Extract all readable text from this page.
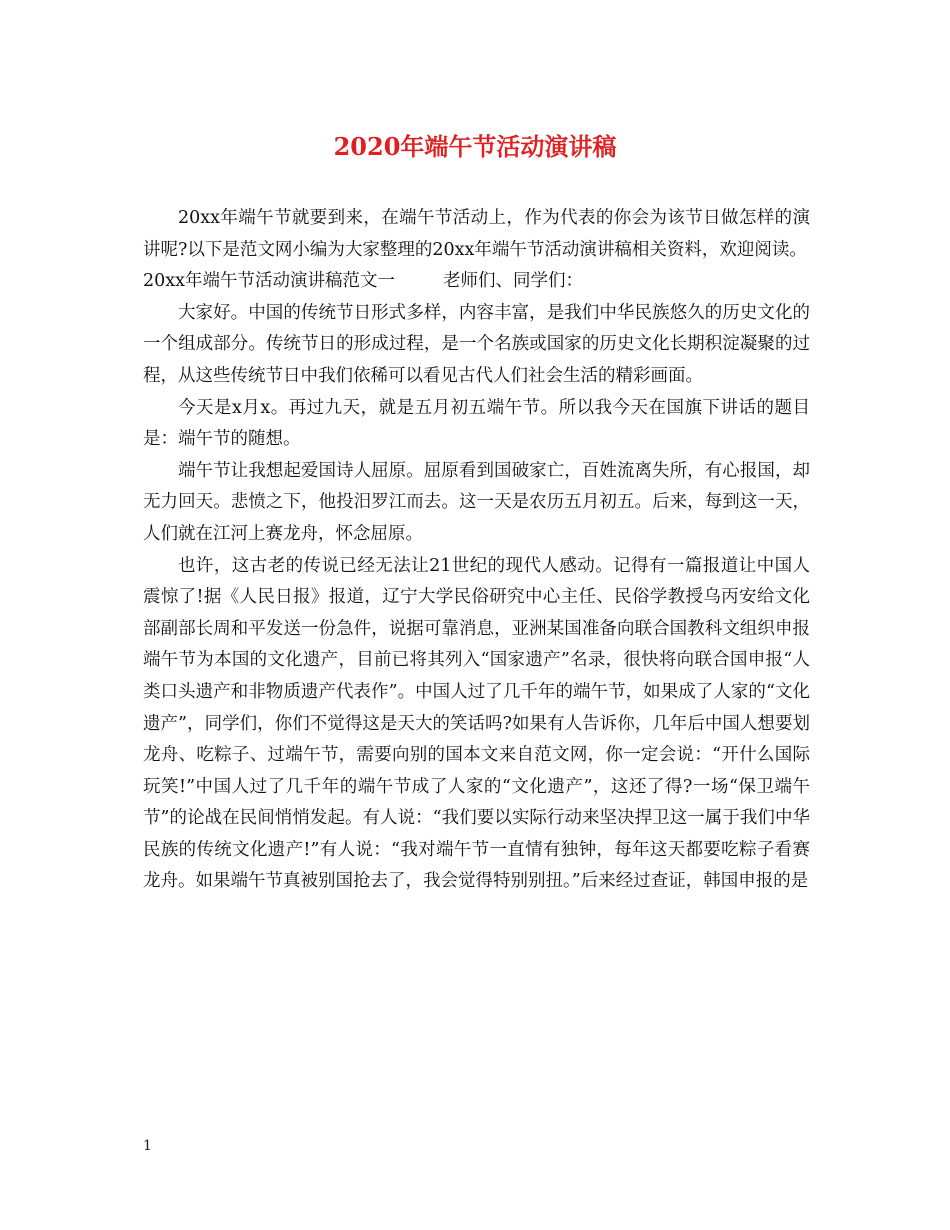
2020年端午节活动演讲稿

20xx年端午节就要到来，在端午节活动上，作为代表的你会为该节日做怎样的演讲呢?以下是范文网小编为大家整理的20xx年端午节活动演讲稿相关资料，欢迎阅读。

20xx年端午节活动演讲稿范文一	老师们、同学们：

大家好。中国的传统节日形式多样，内容丰富，是我们中华民族悠久的历史文化的一个组成部分。传统节日的形成过程，是一个名族或国家的历史文化长期积淀凝聚的过程，从这些传统节日中我们依稀可以看见古代人们社会生活的精彩画面。

今天是x月x。再过九天，就是五月初五端午节。所以我今天在国旗下讲话的题目是：端午节的随想。

端午节让我想起爱国诗人屈原。屈原看到国破家亡，百姓流离失所，有心报国，却无力回天。悲愤之下，他投汨罗江而去。这一天是农历五月初五。后来，每到这一天，人们就在江河上赛龙舟，怀念屈原。

也许，这古老的传说已经无法让21世纪的现代人感动。记得有一篇报道让中国人震惊了!据《人民日报》报道，辽宁大学民俗研究中心主任、民俗学教授乌丙安给文化部副部长周和平发送一份急件，说据可靠消息，亚洲某国准备向联合国教科文组织申报端午节为本国的文化遗产，目前已将其列入“国家遗产”名录，很快将向联合国申报“人类口头遗产和非物质遗产代表作”。中国人过了几千年的端午节，如果成了人家的“文化遗产”，同学们，你们不觉得这是天大的笑话吗?如果有人告诉你，几年后中国人想要划龙舟、吃粽子、过端午节，需要向别的国本文来自范文网，你一定会说：“开什么国际玩笑!”中国人过了几千年的端午节成了人家的“文化遗产”，这还了得?一场“保卫端午节”的论战在民间悄悄发起。有人说：“我们要以实际行动来坚决捍卫这一属于我们中华民族的传统文化遗产!”有人说：“我对端午节一直情有独钟，每年这天都要吃粽子看赛龙舟。如果端午节真被别国抢去了，我会觉得特别别扭。”后来经过查证，韩国申报的是

1
